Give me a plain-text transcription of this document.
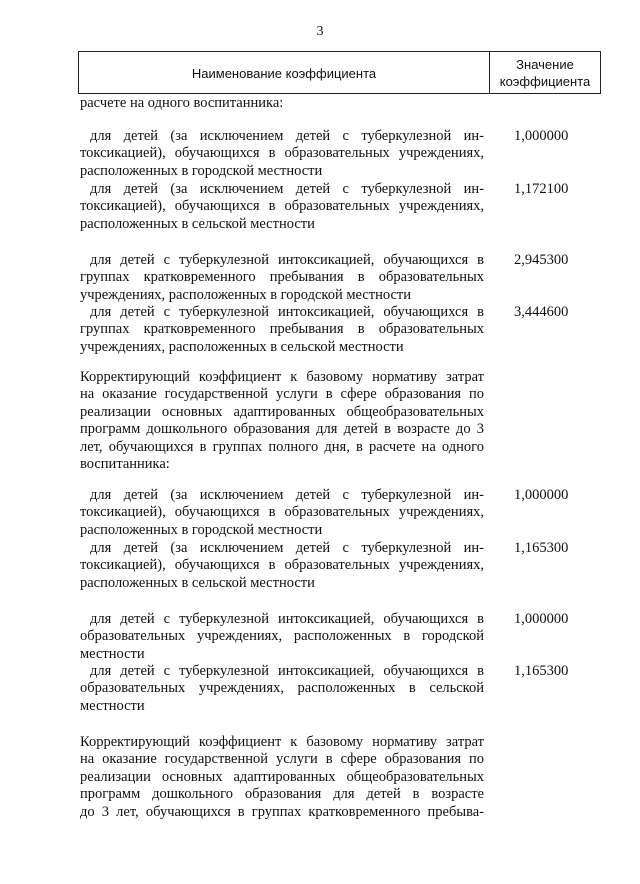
3
Наименование коэффициента
Значение
коэффициента
расчете на одного воспитанника:
для детей (за исключением детей с туберкулезной ин-
токсикацией), обучающихся в образовательных учреждениях,
расположенных в городской местности
1,000000
для детей (за исключением детей с туберкулезной ин-
токсикацией), обучающихся в образовательных учреждениях,
расположенных в сельской местности
1,172100
для детей с туберкулезной интоксикацией, обучающихся в
группах кратковременного пребывания в образовательных
учреждениях, расположенных в городской местности
2,945300
для детей с туберкулезной интоксикацией, обучающихся в
группах кратковременного пребывания в образовательных
учреждениях, расположенных в сельской местности
3,444600
Корректирующий коэффициент к базовому нормативу затрат
на оказание государственной услуги в сфере образования по
реализации основных адаптированных общеобразовательных
программ дошкольного образования для детей в возрасте до 3
лет, обучающихся в группах полного дня, в расчете на одного
воспитанника:
для детей (за исключением детей с туберкулезной ин-
токсикацией), обучающихся в образовательных учреждениях,
расположенных в городской местности
1,000000
для детей (за исключением детей с туберкулезной ин-
токсикацией), обучающихся в образовательных учреждениях,
расположенных в сельской местности
1,165300
для детей с туберкулезной интоксикацией, обучающихся в
образовательных учреждениях, расположенных в городской
местности
1,000000
для детей с туберкулезной интоксикацией, обучающихся в
образовательных учреждениях, расположенных в сельской
местности
1,165300
Корректирующий коэффициент к базовому нормативу затрат
на оказание государственной услуги в сфере образования по
реализации основных адаптированных общеобразовательных
программ дошкольного образования для детей в возрасте
до 3 лет, обучающихся в группах кратковременного пребыва-
